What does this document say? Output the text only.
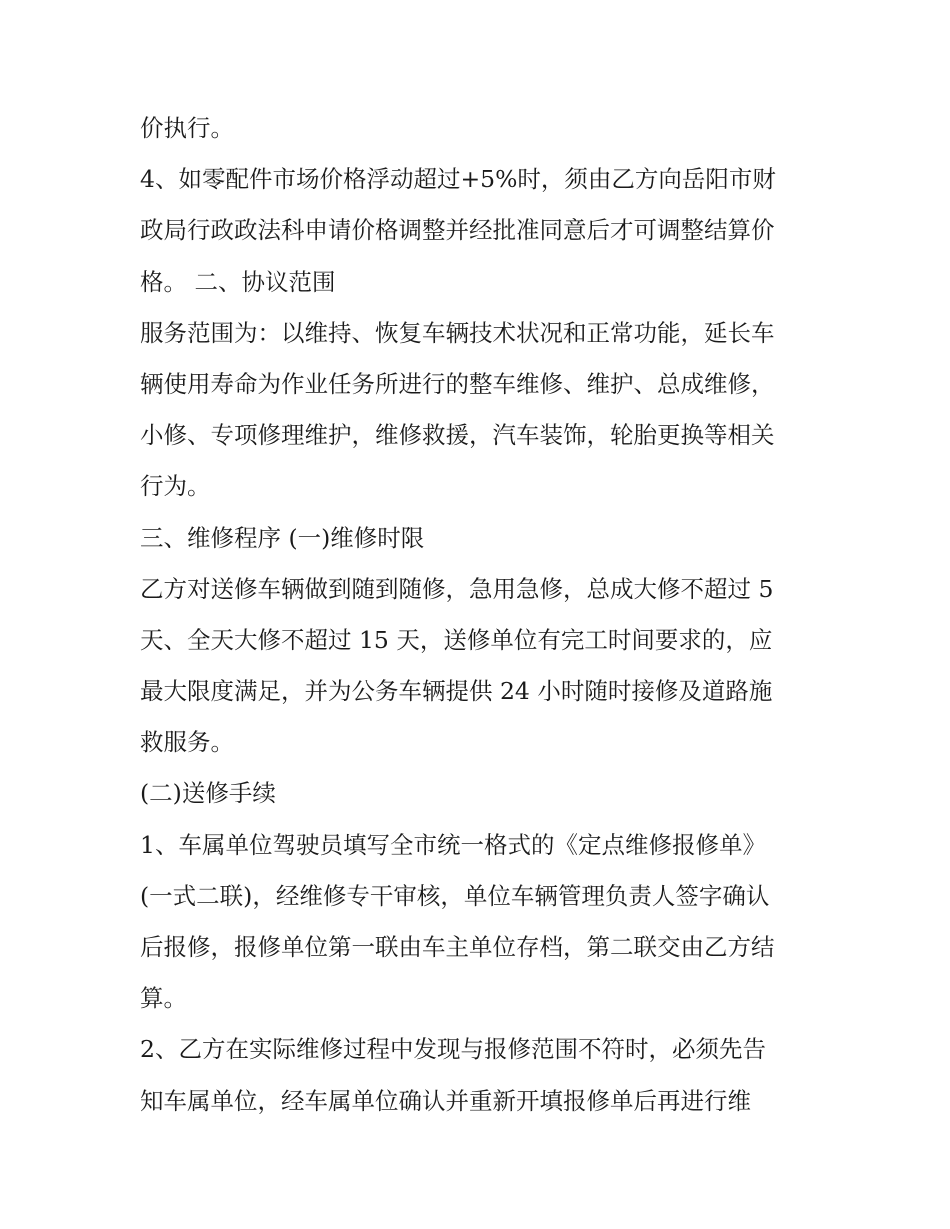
价执行。
4、如零配件市场价格浮动超过+5%时，须由乙方向岳阳市财
政局行政政法科申请价格调整并经批准同意后才可调整结算价
格。 二、协议范围
服务范围为：以维持、恢复车辆技术状况和正常功能，延长车
辆使用寿命为作业任务所进行的整车维修、维护、总成维修，
小修、专项修理维护，维修救援，汽车装饰，轮胎更换等相关
行为。
三、维修程序 (一)维修时限
乙方对送修车辆做到随到随修，急用急修，总成大修不超过 5
天、全天大修不超过 15 天，送修单位有完工时间要求的，应
最大限度满足，并为公务车辆提供 24 小时随时接修及道路施
救服务。
(二)送修手续
1、车属单位驾驶员填写全市统一格式的《定点维修报修单》
(一式二联)，经维修专干审核，单位车辆管理负责人签字确认
后报修，报修单位第一联由车主单位存档，第二联交由乙方结
算。
2、乙方在实际维修过程中发现与报修范围不符时，必须先告
知车属单位，经车属单位确认并重新开填报修单后再进行维
